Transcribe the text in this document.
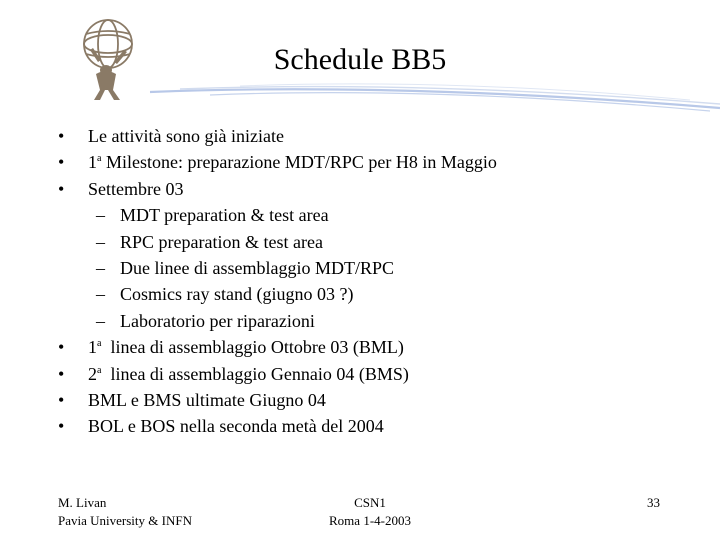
Schedule BB5
•	Le attività sono già iniziate
•	1$^a$ Milestone: preparazione MDT/RPC per H8 in Maggio
•	Settembre 03
– MDT preparation & test area
– RPC preparation & test area
– Due linee di assemblaggio MDT/RPC
– Cosmics ray stand (giugno 03 ?)
– Laboratorio per riparazioni
•	1$^a$  linea di assemblaggio Ottobre 03 (BML)
•	2$^a$  linea di assemblaggio Gennaio 04 (BMS)
•	BML e BMS ultimate Giugno 04
•	BOL e BOS nella seconda metà del 2004
M. Livan
Pavia University & INFN
CSN1
Roma 1-4-2003
33
